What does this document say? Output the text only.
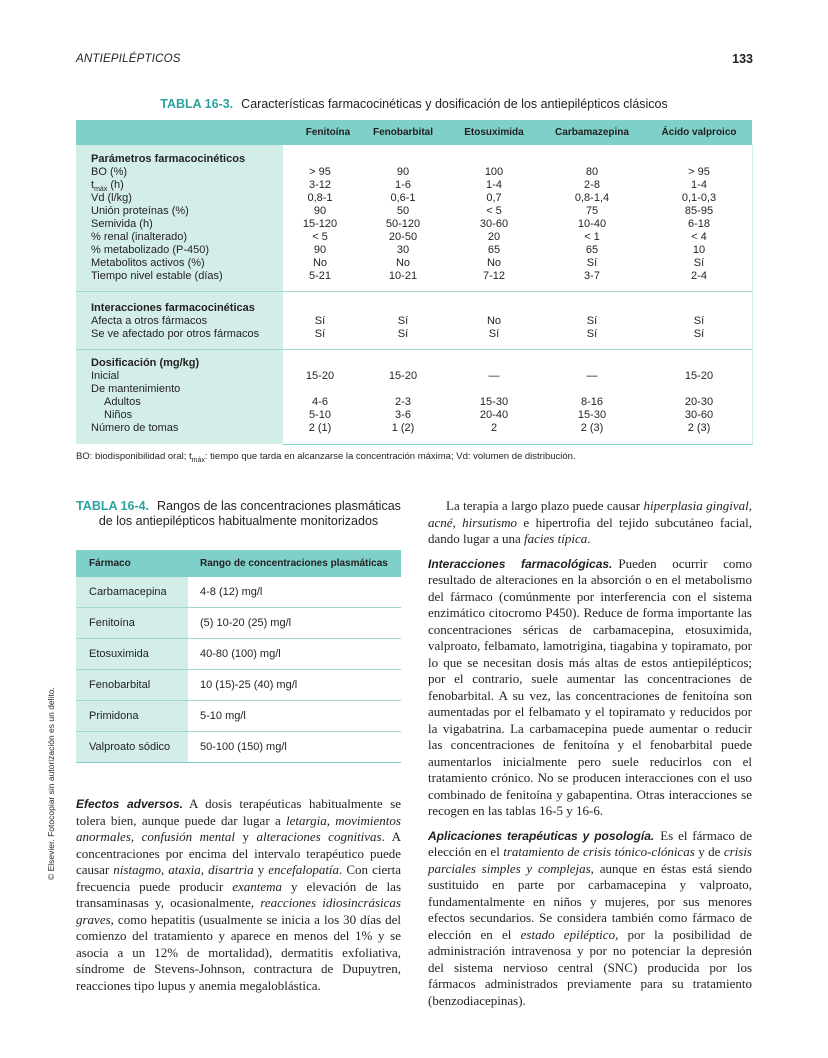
ANTIEPILÉPTICOS	133
TABLA 16-3. Características farmacocinéticas y dosificación de los antiepilépticos clásicos
Fenitoína	Fenobarbital	Etosuximida	Carbamazepina	Ácido valproico
Parámetros farmacocinéticos
BO (%)	> 95	90	100	80	> 95
$t_{máx}$ (h)	3-12	1-6	1-4	2-8	1-4
Vd (l/kg)	0,8-1	0,6-1	0,7	0,8-1,4	0,1-0,3
Unión proteínas (%)	90	50	< 5	75	85-95
Semivida (h)	15-120	50-120	30-60	10-40	6-18
% renal (inalterado)	< 5	20-50	20	< 1	< 4
% metabolizado (P-450)	90	30	65	65	10
Metabolitos activos (%)	No	No	No	Sí	Sí
Tiempo nivel estable (días)	5-21	10-21	7-12	3-7	2-4
Interacciones farmacocinéticas
Afecta a otros fármacos	Sí	Sí	No	Sí	Sí
Se ve afectado por otros fármacos	Sí	Sí	Sí	Sí	Sí
Dosificación (mg/kg)
Inicial	15-20	15-20	—	—	15-20
De mantenimiento
Adultos	4-6	2-3	15-30	8-16	20-30
Niños	5-10	3-6	20-40	15-30	30-60
Número de tomas	2 (1)	1 (2)	2	2 (3)	2 (3)
BO: biodisponibilidad oral; $t_{máx}$: tiempo que tarda en alcanzarse la concentración máxima; Vd: volumen de distribución.
TABLA 16-4. Rangos de las concentraciones plasmáticas de los antiepilépticos habitualmente monitorizados
Fármaco	Rango de concentraciones plasmáticas
Carbamacepina	4-8 (12) mg/l
Fenitoína	(5) 10-20 (25) mg/l
Etosuximida	40-80 (100) mg/l
Fenobarbital	10 (15)-25 (40) mg/l
Primidona	5-10 mg/l
Valproato sódico	50-100 (150) mg/l

Efectos adversos. A dosis terapéuticas habitualmente se tolera bien, aunque puede dar lugar a letargia, movimientos anormales, confusión mental y alteraciones cognitivas. A concentraciones por encima del intervalo terapéutico puede causar nistagmo, ataxia, disartria y encefalopatía. Con cierta frecuencia puede producir exantema y elevación de las transaminasas y, ocasionalmente, reacciones idiosincrásicas graves, como hepatitis (usualmente se inicia a los 30 días del comienzo del tratamiento y aparece en menos del 1% y se asocia a un 12% de mortalidad), dermatitis exfoliativa, síndrome de Stevens-Johnson, contractura de Dupuytren, reacciones tipo lupus y anemia megaloblástica.

La terapia a largo plazo puede causar hiperplasia gingival, acné, hirsutismo e hipertrofia del tejido subcutáneo facial, dando lugar a una facies típica.

Interacciones farmacológicas. Pueden ocurrir como resultado de alteraciones en la absorción o en el metabolismo del fármaco (comúnmente por interferencia con el sistema enzimático citocromo P450). Reduce de forma importante las concentraciones séricas de carbamacepina, etosuximida, valproato, felbamato, lamotrigina, tiagabina y topiramato, por lo que se necesitan dosis más altas de estos antiepilépticos; por el contrario, suele aumentar las concentraciones de fenobarbital. A su vez, las concentraciones de fenitoína son aumentadas por el felbamato y el topiramato y reducidos por la vigabatrina. La carbamacepina puede aumentar o reducir las concentraciones de fenitoína y el fenobarbital puede aumentarlos inicialmente pero suele reducirlos con el tratamiento crónico. No se producen interacciones con el uso combinado de fenitoína y gabapentina. Otras interacciones se recogen en las tablas 16-5 y 16-6.

Aplicaciones terapéuticas y posología. Es el fármaco de elección en el tratamiento de crisis tónico-clónicas y de crisis parciales simples y complejas, aunque en éstas está siendo sustituido en parte por carbamacepina y valproato, fundamentalmente en niños y mujeres, por sus menores efectos secundarios. Se considera también como fármaco de elección en el estado epiléptico, por la posibilidad de administración intravenosa y por no potenciar la depresión del sistema nervioso central (SNC) producida por los fármacos administrados previamente para su tratamiento (benzodiacepinas).

© Elsevier. Fotocopiar sin autorización es un delito.
